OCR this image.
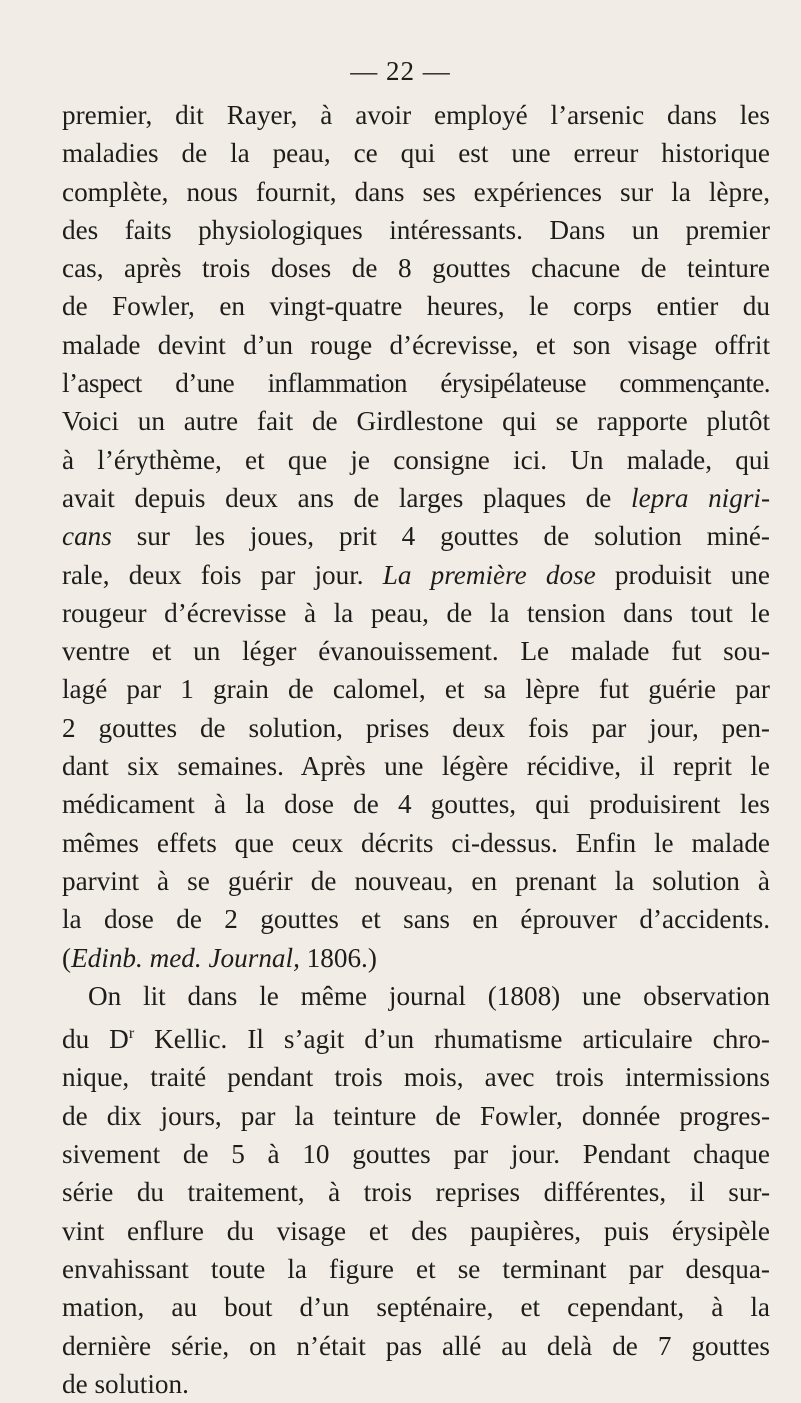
— 22 —
premier, dit Rayer, à avoir employé l’arsenic dans les
maladies de la peau, ce qui est une erreur historique
complète, nous fournit, dans ses expériences sur la lèpre,
des faits physiologiques intéressants. Dans un premier
cas, après trois doses de 8 gouttes chacune de teinture
de Fowler, en vingt-quatre heures, le corps entier du
malade devint d’un rouge d’écrevisse, et son visage offrit
l’aspect d’une inflammation érysipélateuse commençante.
Voici un autre fait de Girdlestone qui se rapporte plutôt
à l’érythème, et que je consigne ici. Un malade, qui
avait depuis deux ans de larges plaques de lepra nigri-
cans sur les joues, prit 4 gouttes de solution miné-
rale, deux fois par jour. La première dose produisit une
rougeur d’écrevisse à la peau, de la tension dans tout le
ventre et un léger évanouissement. Le malade fut sou-
lagé par 1 grain de calomel, et sa lèpre fut guérie par
2 gouttes de solution, prises deux fois par jour, pen-
dant six semaines. Après une légère récidive, il reprit le
médicament à la dose de 4 gouttes, qui produisirent les
mêmes effets que ceux décrits ci-dessus. Enfin le malade
parvint à se guérir de nouveau, en prenant la solution à
la dose de 2 gouttes et sans en éprouver d’accidents.
(Edinb. med. Journal, 1806.)
On lit dans le même journal (1808) une observation
du $D^r$ Kellic. Il s’agit d’un rhumatisme articulaire chro-
nique, traité pendant trois mois, avec trois intermissions
de dix jours, par la teinture de Fowler, donnée progres-
sivement de 5 à 10 gouttes par jour. Pendant chaque
série du traitement, à trois reprises différentes, il sur-
vint enflure du visage et des paupières, puis érysipèle
envahissant toute la figure et se terminant par desqua-
mation, au bout d’un septénaire, et cependant, à la
dernière série, on n’était pas allé au delà de 7 gouttes
de solution.
